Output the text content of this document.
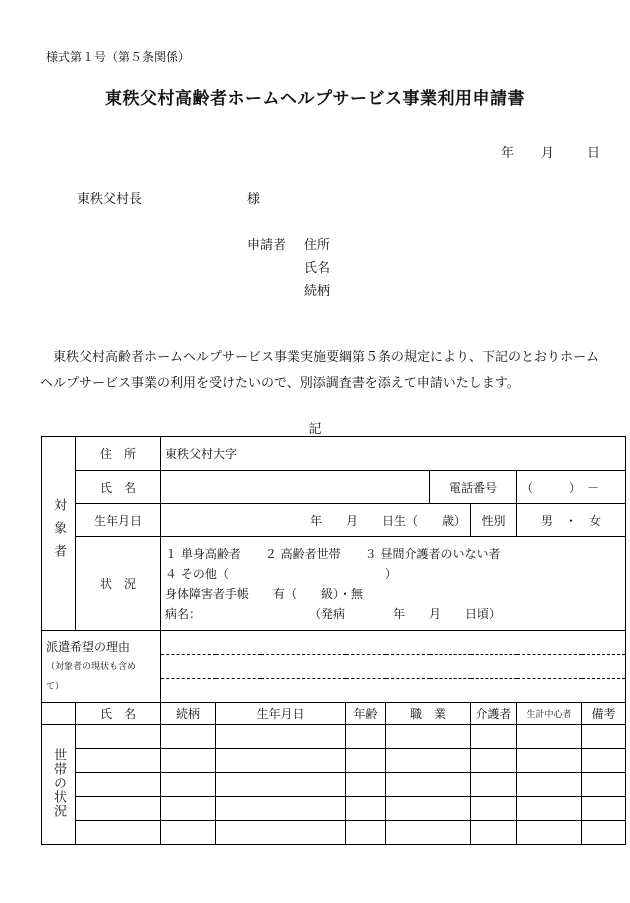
様式第１号（第５条関係）
東秩父村高齢者ホームヘルプサービス事業利用申請書
年 月	日
東秩父村長	様
申請者 住所
氏名
続柄
東秩父村高齢者ホームヘルプサービス事業実施要綱第５条の規定により、下記のとおりホームヘルプサービス事業の利用を受けたいので、別添調査書を添えて申請いたします。
記
対象者	住　所	東秩父村大字							
	氏　名					電話番号		（　　　）　－	
	生年月日	年　　月　　日生（　　歳）					性別	男　・　女	
	状　況	１ 単身高齢者　　２ 高齢者世帯　　３ 昼間介護者のいない者
４ その他（　　　　　　　　　　　　　）
身体障害者手帳　　有（　　級）・無
病名：　　　　　　　　　　（発病　　　　年　　月　　日頃）							

派遣希望の理由
（対象者の現状も含め
て）									

	氏　名	続柄	生年月日	年齢	職　業		介護者	生計中心者	備考
世帯の状況									
